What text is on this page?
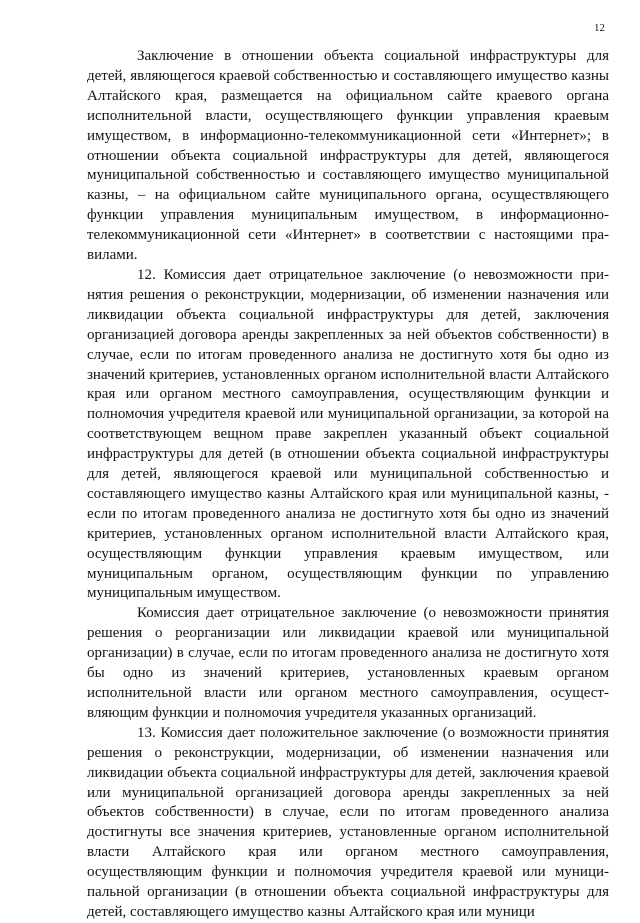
12

Заключение в отношении объекта социальной инфраструктуры для детей, являющегося краевой собственностью и составляющего имущество казны Алтайского края, размещается на официальном сайте краевого органа исполнительной власти, осуществляющего функции управления краевым имуществом, в информационно-телекоммуникационной сети «Интернет»; в отношении объекта социальной инфраструктуры для детей, являющегося муниципальной собственностью и составляющего имущество муниципальной казны, – на официальном сайте муниципального органа, осуществляющего функции управления муниципальным имуществом, в информационно-телекоммуникационной сети «Интернет» в соответствии с настоящими правилами.

12. Комиссия дает отрицательное заключение (о невозможности принятия решения о реконструкции, модернизации, об изменении назначения или ликвидации объекта социальной инфраструктуры для детей, заключения организацией договора аренды закрепленных за ней объектов собственности) в случае, если по итогам проведенного анализа не достигнуто хотя бы одно из значений критериев, установленных органом исполнительной власти Алтайского края или органом местного самоуправления, осуществляющим функции и полномочия учредителя краевой или муниципальной организации, за которой на соответствующем вещном праве закреплен указанный объект социальной инфраструктуры для детей (в отношении объекта социальной инфраструктуры для детей, являющегося краевой или муниципальной собственностью и составляющего имущество казны Алтайского края или муниципальной казны, - если по итогам проведенного анализа не достигнуто хотя бы одно из значений критериев, установленных органом исполнительной власти Алтайского края, осуществляющим функции управления краевым имуществом, или муниципальным органом, осуществляющим функции по управлению муниципальным имуществом.

Комиссия дает отрицательное заключение (о невозможности принятия решения о реорганизации или ликвидации краевой или муниципальной организации) в случае, если по итогам проведенного анализа не достигнуто хотя бы одно из значений критериев, установленных краевым органом исполнительной власти или органом местного самоуправления, осуществляющим функции и полномочия учредителя указанных организаций.

13. Комиссия дает положительное заключение (о возможности принятия решения о реконструкции, модернизации, об изменении назначения или ликвидации объекта социальной инфраструктуры для детей, заключения краевой или муниципальной организацией договора аренды закрепленных за ней объектов собственности) в случае, если по итогам проведенного анализа достигнуты все значения критериев, установленные органом исполнительной власти Алтайского края или органом местного самоуправления, осуществляющим функции и полномочия учредителя краевой или муниципальной организации (в отношении объекта социальной инфраструктуры для детей, составляющего имущество казны Алтайского края или муници
